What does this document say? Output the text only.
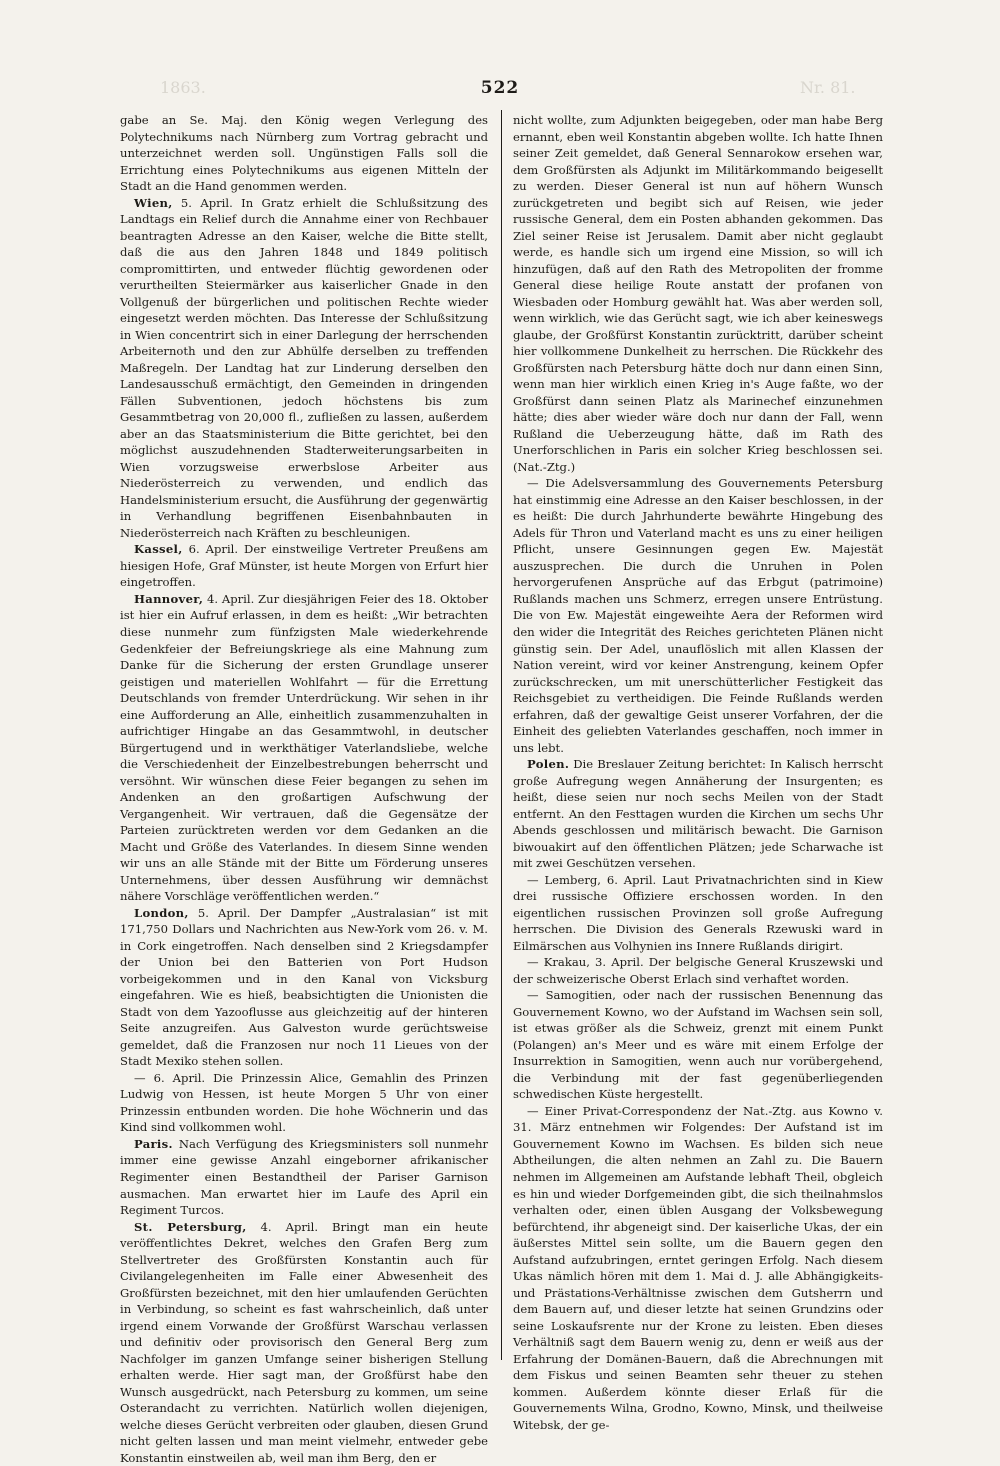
1863.	522	Nr. 81.

gabe an Se. Maj. den König wegen Verlegung des Polytechnikums nach Nürnberg zum Vortrag gebracht und unterzeichnet werden soll. Ungünstigen Falls soll die Errichtung eines Polytechnikums aus eigenen Mitteln der Stadt an die Hand genommen werden.

Wien, 5. April. In Gratz erhielt die Schlußsitzung des Landtags ein Relief durch die Annahme einer von Rechbauer beantragten Adresse an den Kaiser, welche die Bitte stellt, daß die aus den Jahren 1848 und 1849 politisch compromittirten, und entweder flüchtig gewordenen oder verurtheilten Steiermärker aus kaiserlicher Gnade in den Vollgenuß der bürgerlichen und politischen Rechte wieder eingesetzt werden möchten. Das Interesse der Schlußsitzung in Wien concentrirt sich in einer Darlegung der herrschenden Arbeiternoth und den zur Abhülfe derselben zu treffenden Maßregeln. Der Landtag hat zur Linderung derselben den Landesausschuß ermächtigt, den Gemeinden in dringenden Fällen Subventionen, jedoch höchstens bis zum Gesammtbetrag von 20,000 fl., zufließen zu lassen, außerdem aber an das Staatsministerium die Bitte gerichtet, bei den möglichst auszudehnenden Stadterweiterungsarbeiten in Wien vorzugsweise erwerbslose Arbeiter aus Niederösterreich zu verwenden, und endlich das Handelsministerium ersucht, die Ausführung der gegenwärtig in Verhandlung begriffenen Eisenbahnbauten in Niederösterreich nach Kräften zu beschleunigen.

Kassel, 6. April. Der einstweilige Vertreter Preußens am hiesigen Hofe, Graf Münster, ist heute Morgen von Erfurt hier eingetroffen.

Hannover, 4. April. Zur diesjährigen Feier des 18. Oktober ist hier ein Aufruf erlassen, in dem es heißt: „Wir betrachten diese nunmehr zum fünfzigsten Male wiederkehrende Gedenkfeier der Befreiungskriege als eine Mahnung zum Danke für die Sicherung der ersten Grundlage unserer geistigen und materiellen Wohlfahrt — für die Errettung Deutschlands von fremder Unterdrückung. Wir sehen in ihr eine Aufforderung an Alle, einheitlich zusammenzuhalten in aufrichtiger Hingabe an das Gesammtwohl, in deutscher Bürgertugend und in werkthätiger Vaterlandsliebe, welche die Verschiedenheit der Einzelbestrebungen beherrscht und versöhnt. Wir wünschen diese Feier begangen zu sehen im Andenken an den großartigen Aufschwung der Vergangenheit. Wir vertrauen, daß die Gegensätze der Parteien zurücktreten werden vor dem Gedanken an die Macht und Größe des Vaterlandes. In diesem Sinne wenden wir uns an alle Stände mit der Bitte um Förderung unseres Unternehmens, über dessen Ausführung wir demnächst nähere Vorschläge veröffentlichen werden.“

London, 5. April. Der Dampfer „Australasian“ ist mit 171,750 Dollars und Nachrichten aus New-York vom 26. v. M. in Cork eingetroffen. Nach denselben sind 2 Kriegsdampfer der Union bei den Batterien von Port Hudson vorbeigekommen und in den Kanal von Vicksburg eingefahren. Wie es hieß, beabsichtigten die Unionisten die Stadt von dem Yazooflusse aus gleichzeitig auf der hinteren Seite anzugreifen. Aus Galveston wurde gerüchtsweise gemeldet, daß die Franzosen nur noch 11 Lieues von der Stadt Mexiko stehen sollen.

— 6. April. Die Prinzessin Alice, Gemahlin des Prinzen Ludwig von Hessen, ist heute Morgen 5 Uhr von einer Prinzessin entbunden worden. Die hohe Wöchnerin und das Kind sind vollkommen wohl.

Paris. Nach Verfügung des Kriegsministers soll nunmehr immer eine gewisse Anzahl eingeborner afrikanischer Regimenter einen Bestandtheil der Pariser Garnison ausmachen. Man erwartet hier im Laufe des April ein Regiment Turcos.

St. Petersburg, 4. April. Bringt man ein heute veröffentlichtes Dekret, welches den Grafen Berg zum Stellvertreter des Großfürsten Konstantin auch für Civilangelegenheiten im Falle einer Abwesenheit des Großfürsten bezeichnet, mit den hier umlaufenden Gerüchten in Verbindung, so scheint es fast wahrscheinlich, daß unter irgend einem Vorwande der Großfürst Warschau verlassen und definitiv oder provisorisch den General Berg zum Nachfolger im ganzen Umfange seiner bisherigen Stellung erhalten werde. Hier sagt man, der Großfürst habe den Wunsch ausgedrückt, nach Petersburg zu kommen, um seine Osterandacht zu verrichten. Natürlich wollen diejenigen, welche dieses Gerücht verbreiten oder glauben, diesen Grund nicht gelten lassen und man meint vielmehr, entweder gebe Konstantin einstweilen ab, weil man ihm Berg, den er

nicht wollte, zum Adjunkten beigegeben, oder man habe Berg ernannt, eben weil Konstantin abgeben wollte. Ich hatte Ihnen seiner Zeit gemeldet, daß General Sennarokow ersehen war, dem Großfürsten als Adjunkt im Militärkommando beigesellt zu werden. Dieser General ist nun auf höhern Wunsch zurückgetreten und begibt sich auf Reisen, wie jeder russische General, dem ein Posten abhanden gekommen. Das Ziel seiner Reise ist Jerusalem. Damit aber nicht geglaubt werde, es handle sich um irgend eine Mission, so will ich hinzufügen, daß auf den Rath des Metropoliten der fromme General diese heilige Route anstatt der profanen von Wiesbaden oder Homburg gewählt hat. Was aber werden soll, wenn wirklich, wie das Gerücht sagt, wie ich aber keineswegs glaube, der Großfürst Konstantin zurücktritt, darüber scheint hier vollkommene Dunkelheit zu herrschen. Die Rückkehr des Großfürsten nach Petersburg hätte doch nur dann einen Sinn, wenn man hier wirklich einen Krieg in's Auge faßte, wo der Großfürst dann seinen Platz als Marinechef einzunehmen hätte; dies aber wieder wäre doch nur dann der Fall, wenn Rußland die Ueberzeugung hätte, daß im Rath des Unerforschlichen in Paris ein solcher Krieg beschlossen sei. (Nat.-Ztg.)

— Die Adelsversammlung des Gouvernements Petersburg hat einstimmig eine Adresse an den Kaiser beschlossen, in der es heißt: Die durch Jahrhunderte bewährte Hingebung des Adels für Thron und Vaterland macht es uns zu einer heiligen Pflicht, unsere Gesinnungen gegen Ew. Majestät auszusprechen. Die durch die Unruhen in Polen hervorgerufenen Ansprüche auf das Erbgut (patrimoine) Rußlands machen uns Schmerz, erregen unsere Entrüstung. Die von Ew. Majestät eingeweihte Aera der Reformen wird den wider die Integrität des Reiches gerichteten Plänen nicht günstig sein. Der Adel, unauflöslich mit allen Klassen der Nation vereint, wird vor keiner Anstrengung, keinem Opfer zurückschrecken, um mit unerschütterlicher Festigkeit das Reichsgebiet zu vertheidigen. Die Feinde Rußlands werden erfahren, daß der gewaltige Geist unserer Vorfahren, der die Einheit des geliebten Vaterlandes geschaffen, noch immer in uns lebt.

Polen. Die Breslauer Zeitung berichtet: In Kalisch herrscht große Aufregung wegen Annäherung der Insurgenten; es heißt, diese seien nur noch sechs Meilen von der Stadt entfernt. An den Festtagen wurden die Kirchen um sechs Uhr Abends geschlossen und militärisch bewacht. Die Garnison biwouakirt auf den öffentlichen Plätzen; jede Scharwache ist mit zwei Geschützen versehen.

— Lemberg, 6. April. Laut Privatnachrichten sind in Kiew drei russische Offiziere erschossen worden. In den eigentlichen russischen Provinzen soll große Aufregung herrschen. Die Division des Generals Rzewuski ward in Eilmärschen aus Volhynien ins Innere Rußlands dirigirt.

— Krakau, 3. April. Der belgische General Kruszewski und der schweizerische Oberst Erlach sind verhaftet worden.

— Samogitien, oder nach der russischen Benennung das Gouvernement Kowno, wo der Aufstand im Wachsen sein soll, ist etwas größer als die Schweiz, grenzt mit einem Punkt (Polangen) an's Meer und es wäre mit einem Erfolge der Insurrektion in Samogitien, wenn auch nur vorübergehend, die Verbindung mit der fast gegenüberliegenden schwedischen Küste hergestellt.

— Einer Privat-Correspondenz der Nat.-Ztg. aus Kowno v. 31. März entnehmen wir Folgendes: Der Aufstand ist im Gouvernement Kowno im Wachsen. Es bilden sich neue Abtheilungen, die alten nehmen an Zahl zu. Die Bauern nehmen im Allgemeinen am Aufstande lebhaft Theil, obgleich es hin und wieder Dorfgemeinden gibt, die sich theilnahmslos verhalten oder, einen üblen Ausgang der Volksbewegung befürchtend, ihr abgeneigt sind. Der kaiserliche Ukas, der ein äußerstes Mittel sein sollte, um die Bauern gegen den Aufstand aufzubringen, erntet geringen Erfolg. Nach diesem Ukas nämlich hören mit dem 1. Mai d. J. alle Abhängigkeits- und Prästations-Verhältnisse zwischen dem Gutsherrn und dem Bauern auf, und dieser letzte hat seinen Grundzins oder seine Loskaufsrente nur der Krone zu leisten. Eben dieses Verhältniß sagt dem Bauern wenig zu, denn er weiß aus der Erfahrung der Domänen-Bauern, daß die Abrechnungen mit dem Fiskus und seinen Beamten sehr theuer zu stehen kommen. Außerdem könnte dieser Erlaß für die Gouvernements Wilna, Grodno, Kowno, Minsk, und theilweise Witebsk, der ge-
